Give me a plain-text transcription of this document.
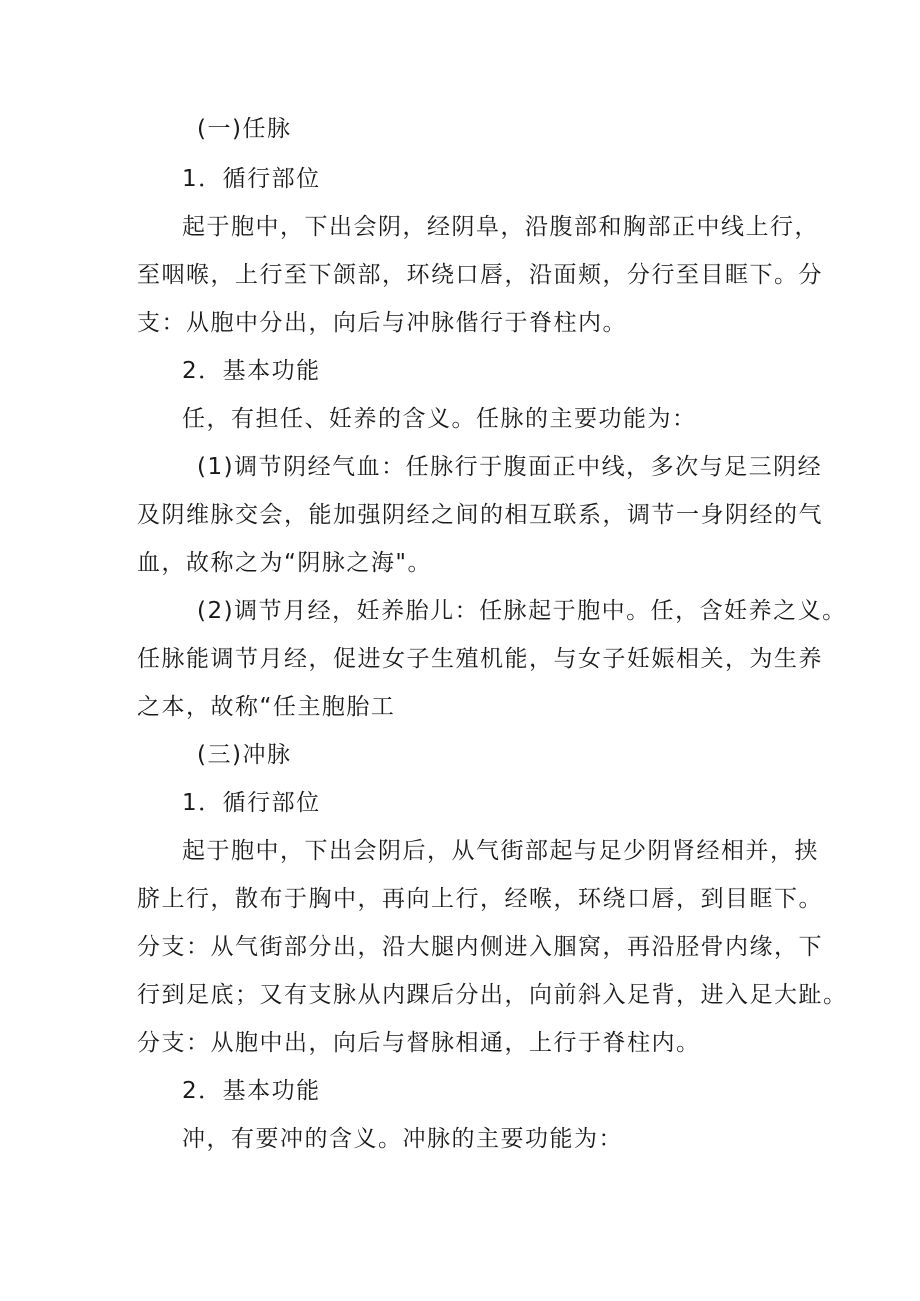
(一)任脉
1．循行部位
起于胞中，下出会阴，经阴阜，沿腹部和胸部正中线上行，
至咽喉，上行至下颌部，环绕口唇，沿面颊，分行至目眶下。分
支：从胞中分出，向后与冲脉偕行于脊柱内。
2．基本功能
任，有担任、妊养的含义。任脉的主要功能为：
(1)调节阴经气血：任脉行于腹面正中线，多次与足三阴经
及阴维脉交会，能加强阴经之间的相互联系，调节一身阴经的气
血，故称之为“阴脉之海"。
(2)调节月经，妊养胎儿：任脉起于胞中。任，含妊养之义。
任脉能调节月经，促进女子生殖机能，与女子妊娠相关，为生养
之本，故称“任主胞胎工
(三)冲脉
1．循行部位
起于胞中，下出会阴后，从气街部起与足少阴肾经相并，挟
脐上行，散布于胸中，再向上行，经喉，环绕口唇，到目眶下。
分支：从气街部分出，沿大腿内侧进入腘窝，再沿胫骨内缘，下
行到足底；又有支脉从内踝后分出，向前斜入足背，进入足大趾。
分支：从胞中出，向后与督脉相通，上行于脊柱内。
2．基本功能
冲，有要冲的含义。冲脉的主要功能为：
